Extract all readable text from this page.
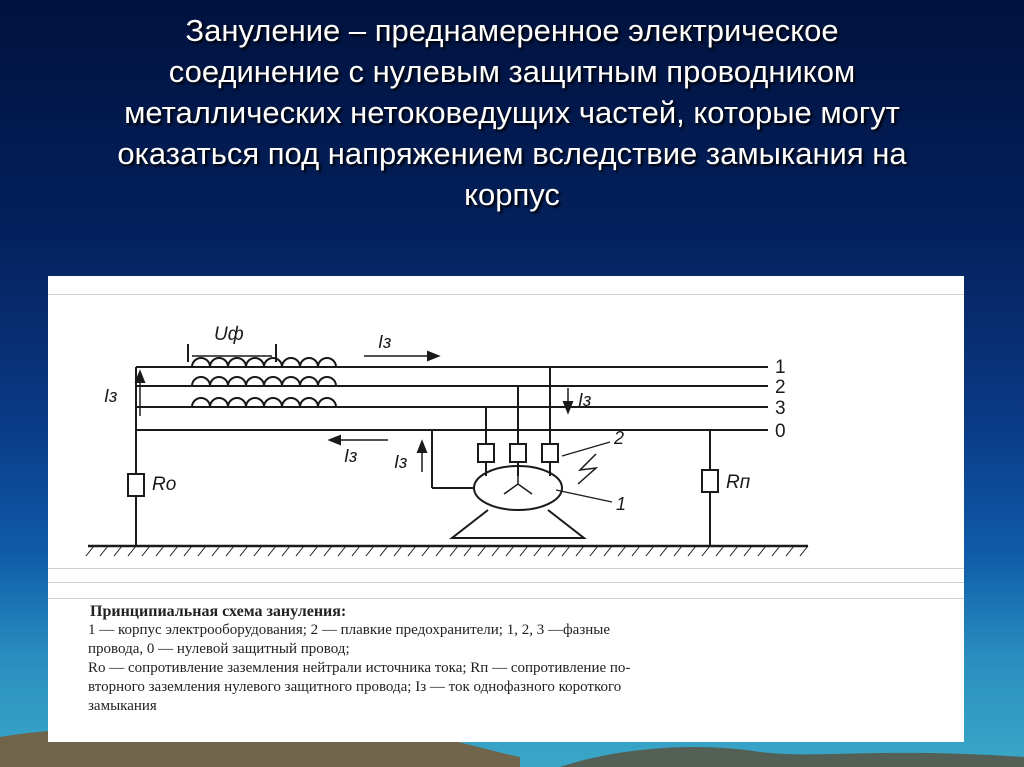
Зануление – преднамеренное электрическое
соединение с нулевым защитным проводником
металлических нетоковедущих частей, которые могут
оказаться под напряжением вследствие замыкания на
корпус
1
2
3
0
Uф	Iз
Iз
Iз Iз
Iз
Ro	Rп
2
1
Принципиальная схема зануления:
1 — корпус электрооборудования; 2 — плавкие предохранители; 1, 2, 3 —фазные
провода, 0 — нулевой защитный провод;
Ro — сопротивление заземления нейтрали источника тока; Rп — сопротивление по-
вторного заземления нулевого защитного провода; Iз — ток однофазного короткого
замыкания
